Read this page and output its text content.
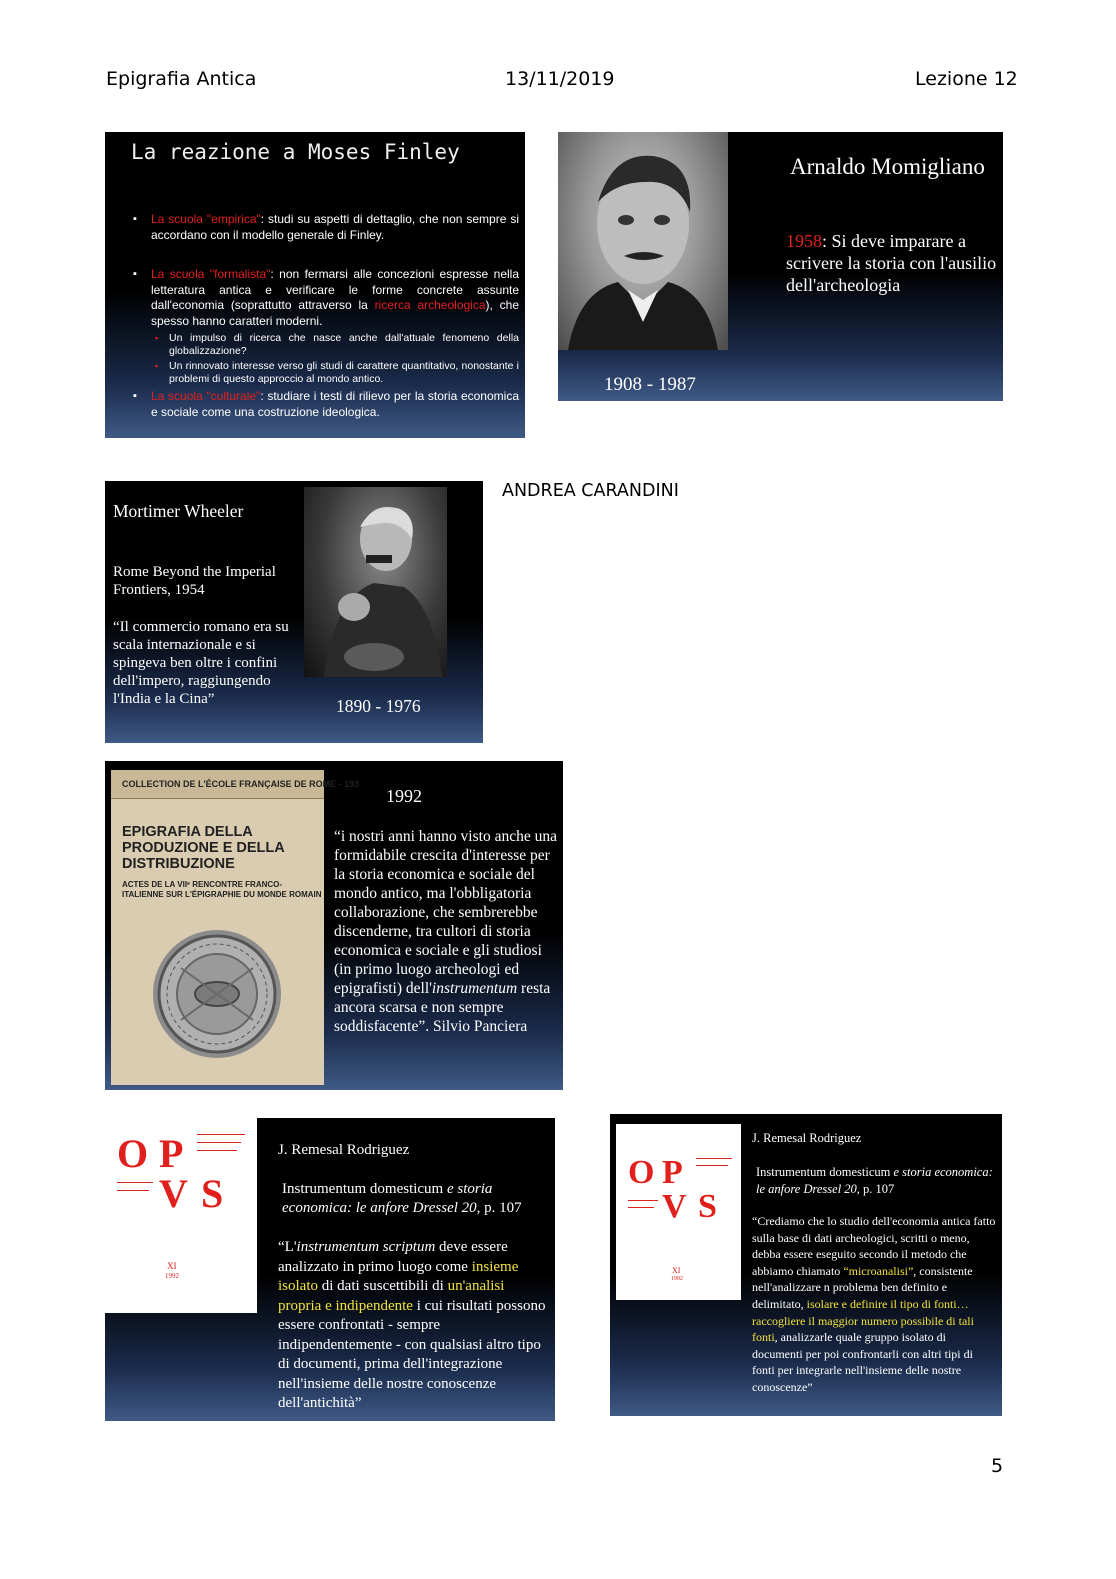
Epigrafia Antica	13/11/2019	Lezione 12
La reazione a Moses Finley
▪ La scuola "empirica": studi su aspetti di dettaglio, che non sempre si accordano con il modello generale di Finley.
▪ La scuola "formalista": non fermarsi alle concezioni espresse nella letteratura antica e verificare le forme concrete assunte dall'economia (soprattutto attraverso la ricerca archeologica), che spesso hanno caratteri moderni.
▪ Un impulso di ricerca che nasce anche dall'attuale fenomeno della globalizzazione?
▪ Un rinnovato interesse verso gli studi di carattere quantitativo, nonostante i problemi di questo approccio al mondo antico.
▪ La scuola "culturale": studiare i testi di rilievo per la storia economica e sociale come una costruzione ideologica.
Arnaldo Momigliano
1958: Si deve imparare a scrivere la storia con l'ausilio dell'archeologia
1908 - 1987
Mortimer Wheeler
Rome Beyond the Imperial Frontiers, 1954
“Il commercio romano era su scala internazionale e si spingeva ben oltre i confini dell'impero, raggiungendo l'India e la Cina”	1890 - 1976
ANDREA CARANDINI
COLLECTION DE L'ÉCOLE FRANÇAISE DE ROME - 193
EPIGRAFIA DELLA PRODUZIONE E DELLA DISTRIBUZIONE
ACTES DE LA VIIᵉ RENCONTRE FRANCO-ITALIENNE SUR L'ÉPIGRAPHIE DU MONDE ROMAIN
1992
“i nostri anni hanno visto anche una formidabile crescita d'interesse per la storia economica e sociale del mondo antico, ma l'obbligatoria collaborazione, che sembrerebbe discenderne, tra cultori di storia economica e sociale e gli studiosi (in primo luogo archeologi ed epigrafisti) dell'instrumentum resta ancora scarsa e non sempre soddisfacente”. Silvio Panciera
O P
V S
XI
1992
J. Remesal Rodriguez
Instrumentum domesticum e storia economica: le anfore Dressel 20, p. 107
“L'instrumentum scriptum deve essere analizzato in primo luogo come insieme isolato di dati suscettibili di un'analisi propria e indipendente i cui risultati possono essere confrontati - sempre indipendentemente - con qualsiasi altro tipo di documenti, prima dell'integrazione nell'insieme delle nostre conoscenze dell'antichità”
O P
V S
XI
1992
J. Remesal Rodriguez
Instrumentum domesticum e storia economica: le anfore Dressel 20, p. 107
“Crediamo che lo studio dell'economia antica fatto sulla base di dati archeologici, scritti o meno, debba essere eseguito secondo il metodo che abbiamo chiamato “microanalisi”, consistente nell'analizzare n problema ben definito e delimitato, isolare e definire il tipo di fonti… raccogliere il maggior numero possibile di tali fonti, analizzarle quale gruppo isolato di documenti per poi confrontarli con altri tipi di fonti per integrarle nell'insieme delle nostre conoscenze”
5
